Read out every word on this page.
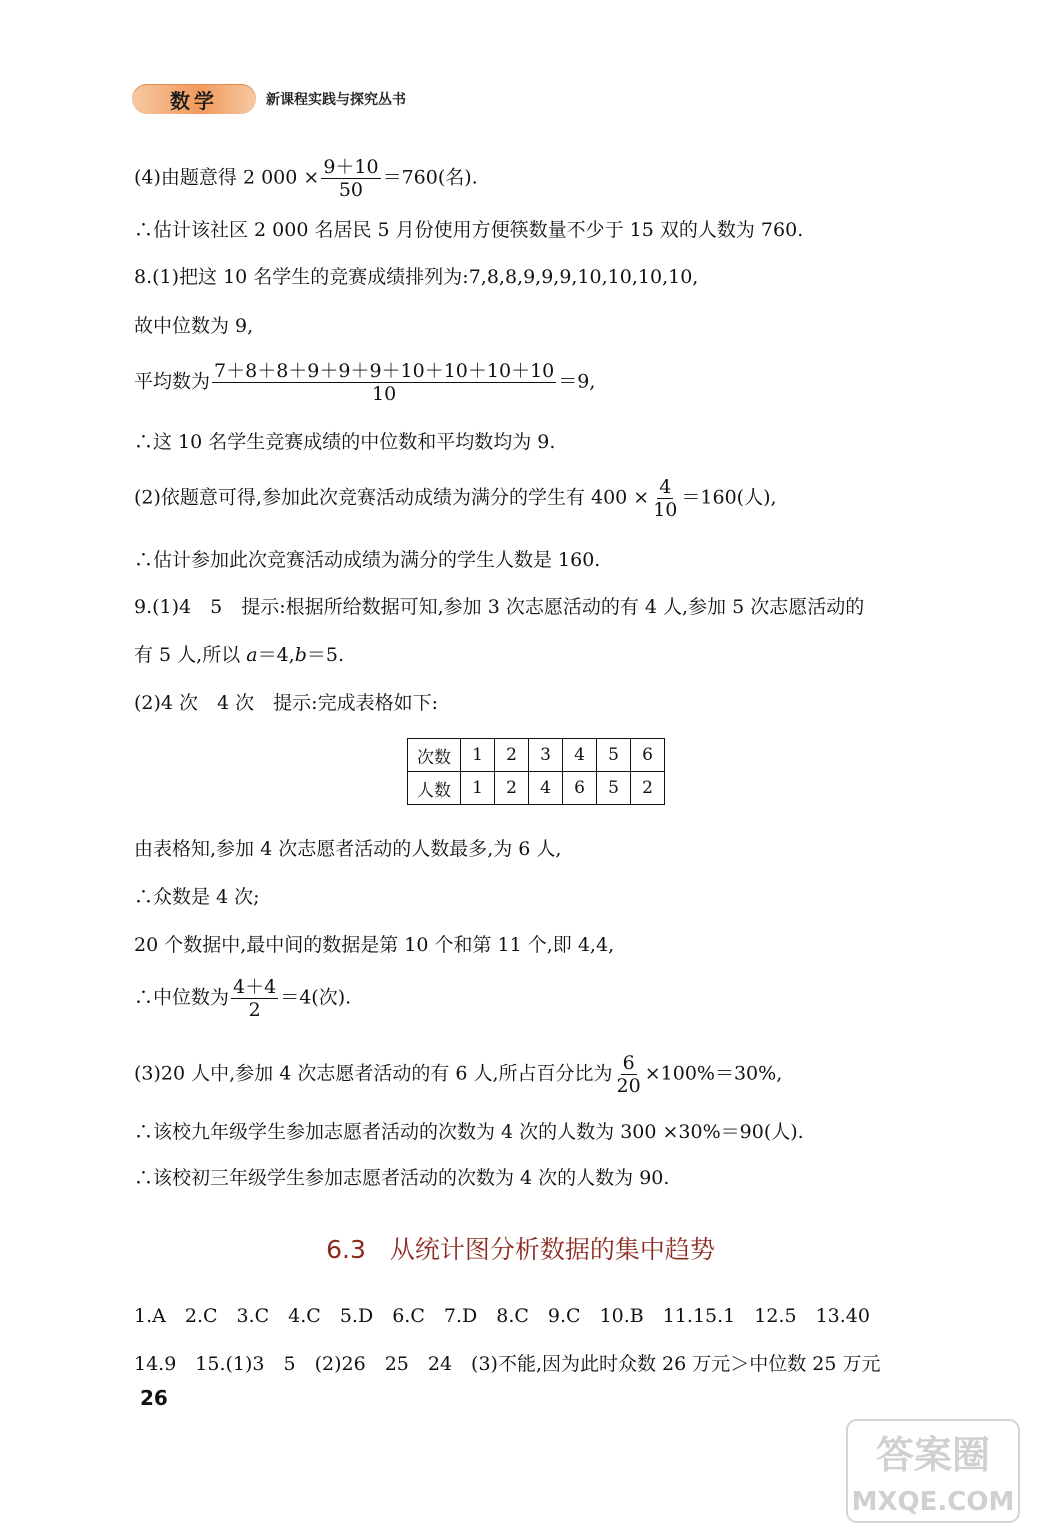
数学	新课程实践与探究丛书
(4)由题意得 2 $000 \times \frac{9+10}{50} =760$(名).
∴估计该社区 2 000 名居民 5 月份使用方便筷数量不少于 15 双的人数为 760.
8.(1)把这 10 名学生的竞赛成绩排列为:7,8,8,9,9,9,10,10,10,10,
故中位数为 9,
平均数为 $\frac{7+8+8+9+9+9+10+10+10+10}{10} =9$,
∴这 10 名学生竞赛成绩的中位数和平均数均为 9.
(2)依题意可得,参加此次竞赛活动成绩为满分的学生有 $400 \times \frac{4}{10} =160$(人),
∴估计参加此次竞赛活动成绩为满分的学生人数是 160.
9.(1)4　5　提示:根据所给数据可知,参加 3 次志愿活动的有 4 人,参加 5 次志愿活动的
有 5 人,所以 a＝4,b＝5.
(2)4 次　4 次　提示:完成表格如下:
次数	1	2	3	4	5	6
人数	1	2	4	6	5	2
由表格知,参加 4 次志愿者活动的人数最多,为 6 人,
∴众数是 4 次;
20 个数据中,最中间的数据是第 10 个和第 11 个,即 4,4,
∴中位数为 $\frac{4+4}{2} =4$(次).
(3)20 人中,参加 4 次志愿者活动的有 6 人,所占百分比为 $\frac{6}{20} \times 100\%=30\%$,
∴该校九年级学生参加志愿者活动的次数为 4 次的人数为 300 ×30%＝90(人).
∴该校初三年级学生参加志愿者活动的次数为 4 次的人数为 90.
6.3 从统计图分析数据的集中趋势
1.A　2.C　3.C　4.C　5.D　6.C　7.D　8.C　9.C　10.B　11.15.1　12.5　13.40
14.9　15.(1)3　5　(2)26　25　24　(3)不能,因为此时众数 26 万元＞中位数 25 万元
26
答案圈
MXQE.COM
